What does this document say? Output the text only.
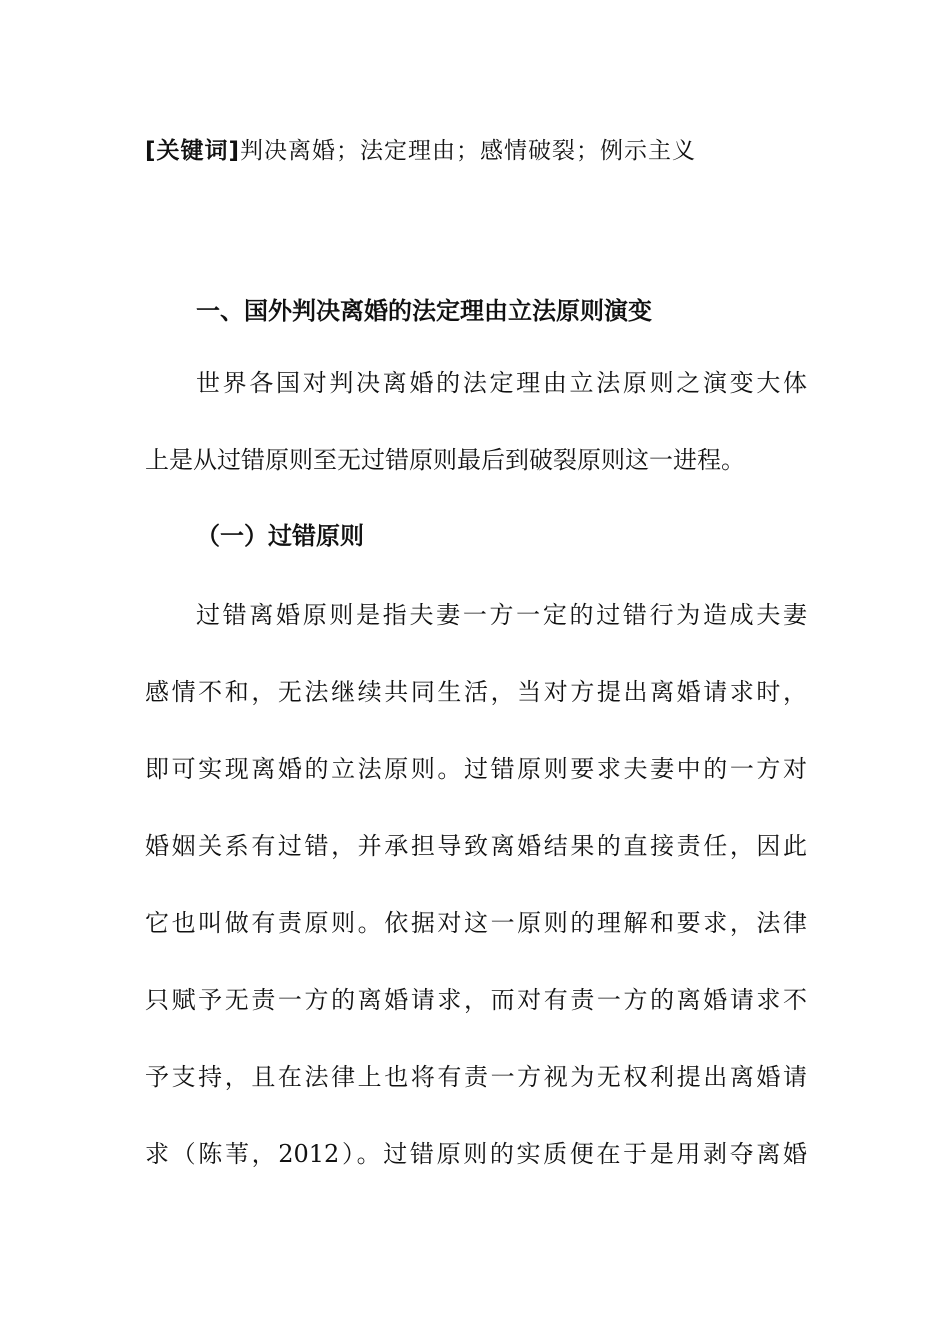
[关键词]判决离婚；法定理由；感情破裂；例示主义
一、国外判决离婚的法定理由立法原则演变
世界各国对判决离婚的法定理由立法原则之演变大体
上是从过错原则至无过错原则最后到破裂原则这一进程。
（一）过错原则
过错离婚原则是指夫妻一方一定的过错行为造成夫妻
感情不和，无法继续共同生活，当对方提出离婚请求时，
即可实现离婚的立法原则。过错原则要求夫妻中的一方对
婚姻关系有过错，并承担导致离婚结果的直接责任，因此
它也叫做有责原则。依据对这一原则的理解和要求，法律
只赋予无责一方的离婚请求，而对有责一方的离婚请求不
予支持，且在法律上也将有责一方视为无权利提出离婚请
求（陈苇，2012）。过错原则的实质便在于是用剥夺离婚
